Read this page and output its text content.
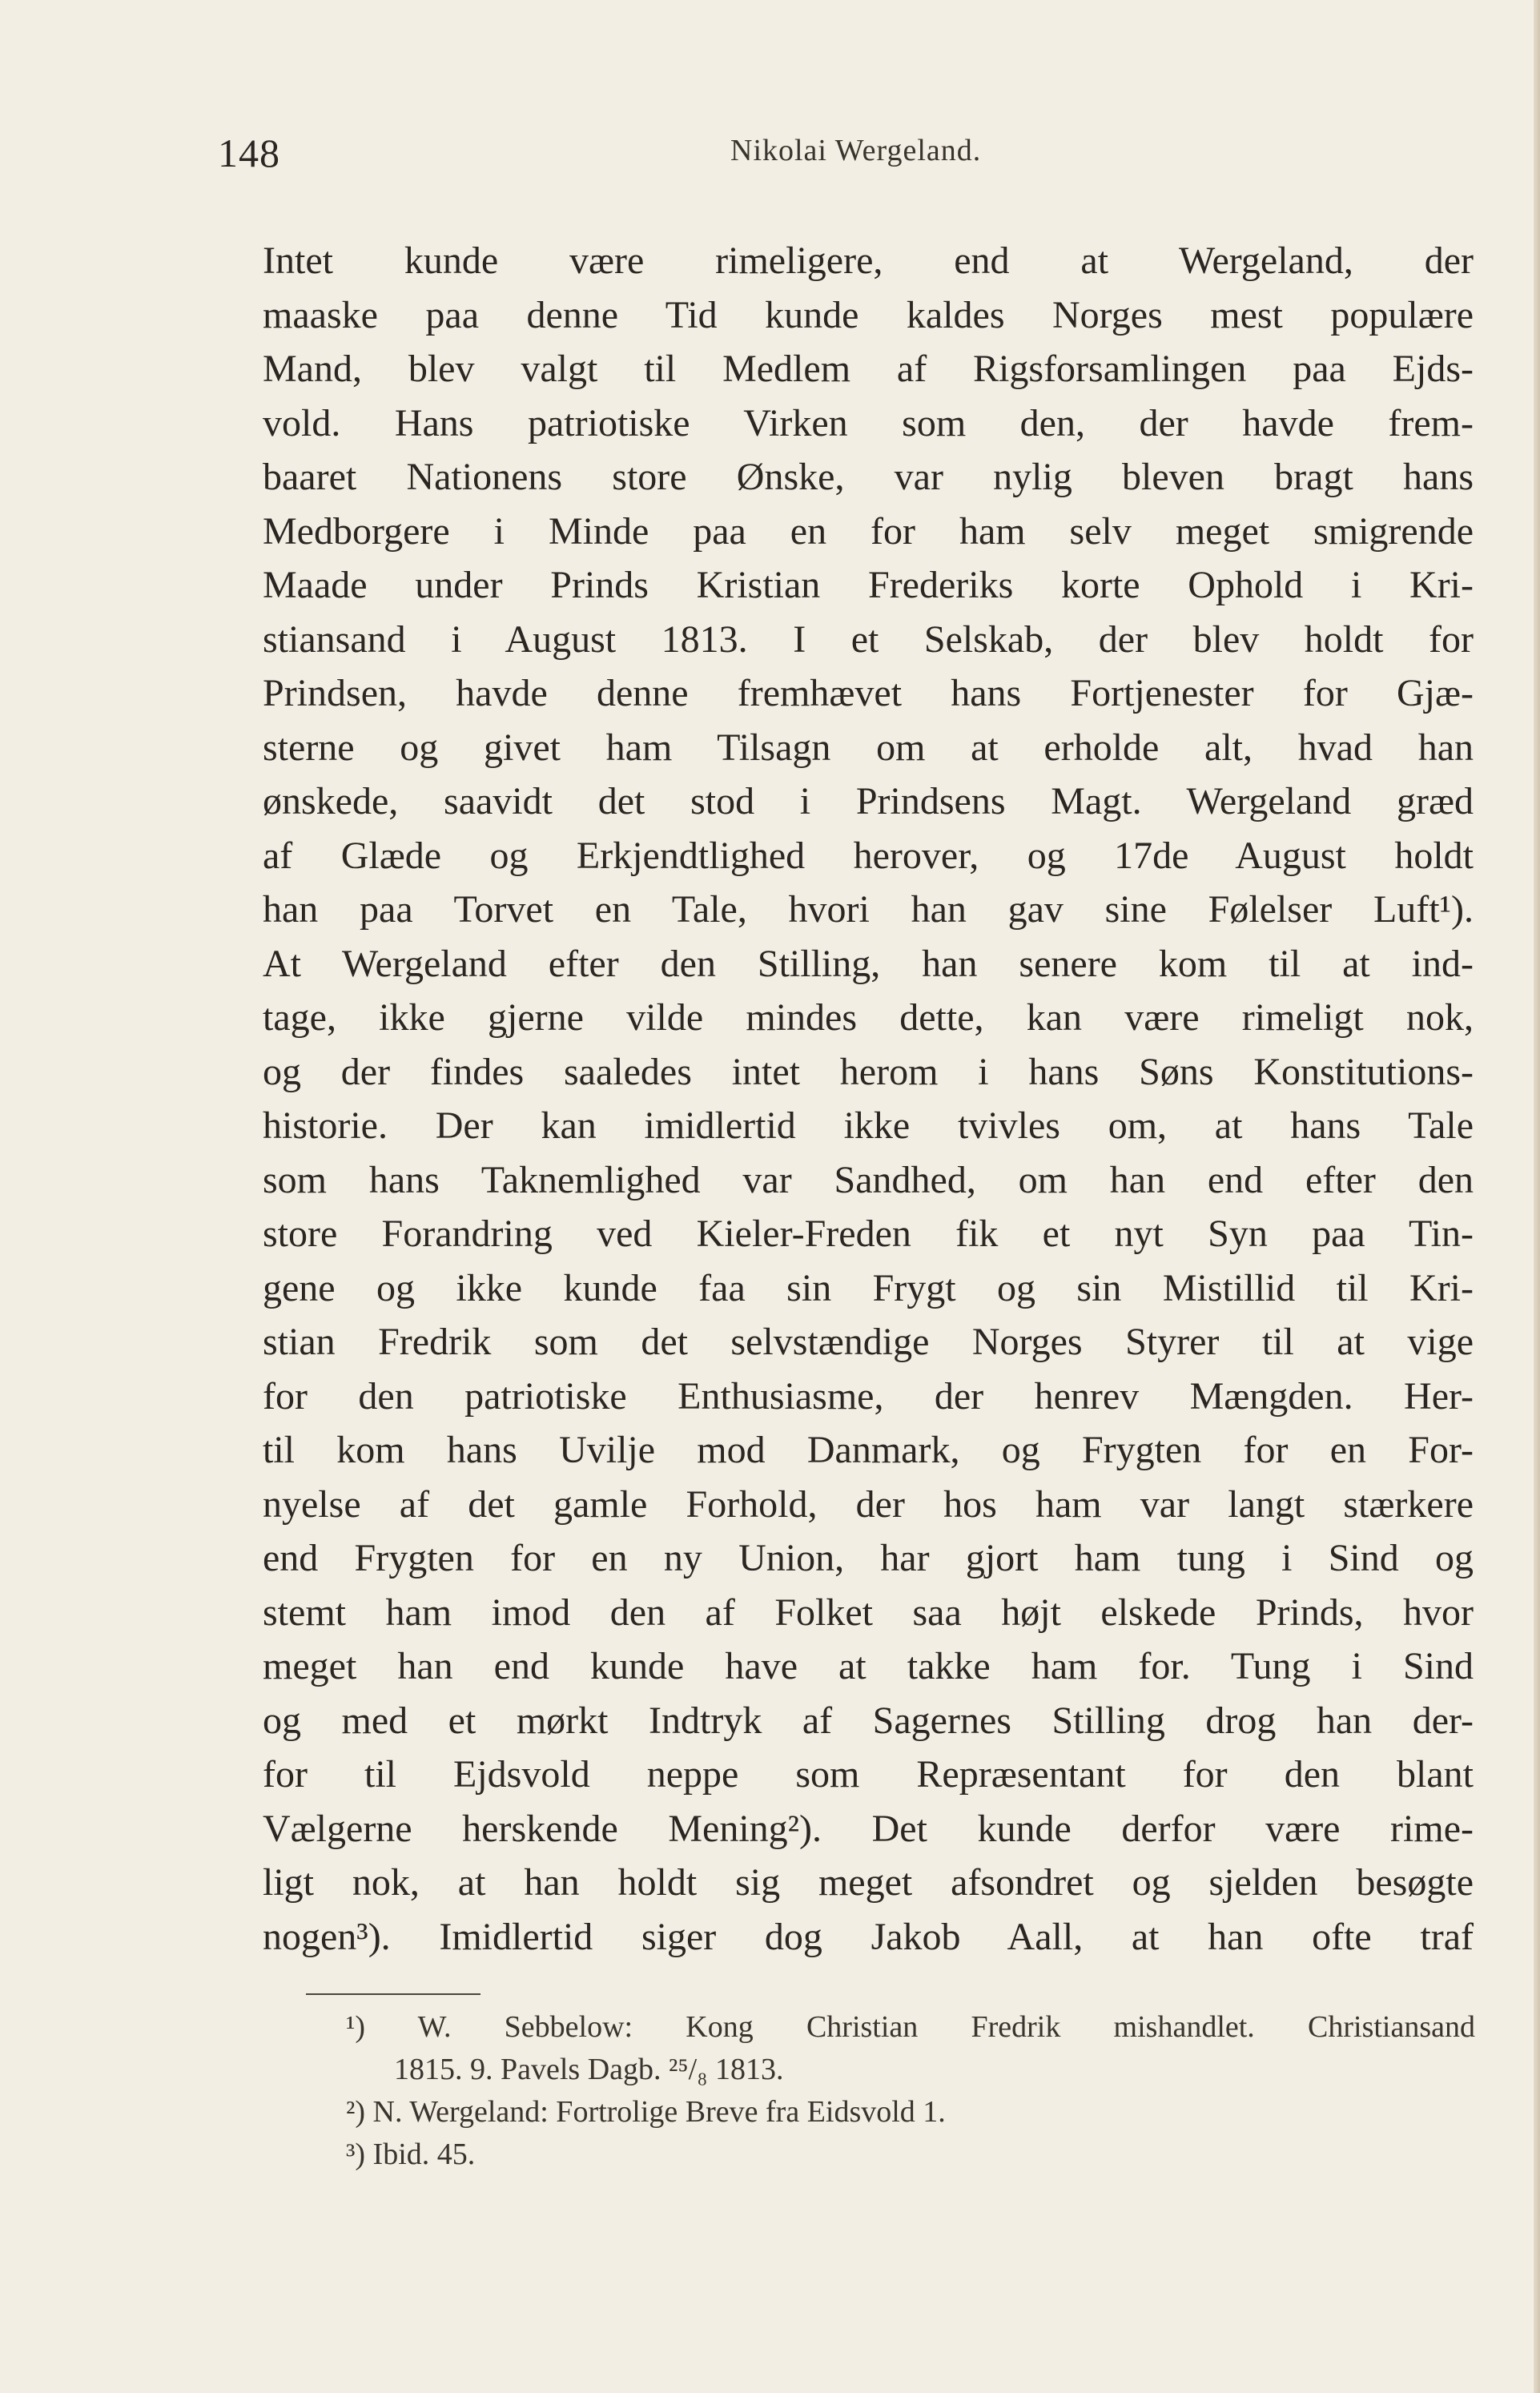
148	Nikolai Wergeland.
Intet kunde være rimeligere, end at Wergeland, der
maaske paa denne Tid kunde kaldes Norges mest populære
Mand, blev valgt til Medlem af Rigsforsamlingen paa Ejds-
vold. Hans patriotiske Virken som den, der havde frem-
baaret Nationens store Ønske, var nylig bleven bragt hans
Medborgere i Minde paa en for ham selv meget smigrende
Maade under Prinds Kristian Frederiks korte Ophold i Kri-
stiansand i August 1813. I et Selskab, der blev holdt for
Prindsen, havde denne fremhævet hans Fortjenester for Gjæ-
sterne og givet ham Tilsagn om at erholde alt, hvad han
ønskede, saavidt det stod i Prindsens Magt. Wergeland græd
af Glæde og Erkjendtlighed herover, og 17de August holdt
han paa Torvet en Tale, hvori han gav sine Følelser Luft¹).
At Wergeland efter den Stilling, han senere kom til at ind-
tage, ikke gjerne vilde mindes dette, kan være rimeligt nok,
og der findes saaledes intet herom i hans Søns Konstitutions-
historie. Der kan imidlertid ikke tvivles om, at hans Tale
som hans Taknemlighed var Sandhed, om han end efter den
store Forandring ved Kieler-Freden fik et nyt Syn paa Tin-
gene og ikke kunde faa sin Frygt og sin Mistillid til Kri-
stian Fredrik som det selvstændige Norges Styrer til at vige
for den patriotiske Enthusiasme, der henrev Mængden. Her-
til kom hans Uvilje mod Danmark, og Frygten for en For-
nyelse af det gamle Forhold, der hos ham var langt stærkere
end Frygten for en ny Union, har gjort ham tung i Sind og
stemt ham imod den af Folket saa højt elskede Prinds, hvor
meget han end kunde have at takke ham for. Tung i Sind
og med et mørkt Indtryk af Sagernes Stilling drog han der-
for til Ejdsvold neppe som Repræsentant for den blant
Vælgerne herskende Mening²). Det kunde derfor være rime-
ligt nok, at han holdt sig meget afsondret og sjelden besøgte
nogen³). Imidlertid siger dog Jakob Aall, at han ofte traf
¹) W. Sebbelow: Kong Christian Fredrik mishandlet. Christiansand
1815. 9. Pavels Dagb. ²⁵/₈ 1813.
²) N. Wergeland: Fortrolige Breve fra Eidsvold 1.
³) Ibid. 45.
